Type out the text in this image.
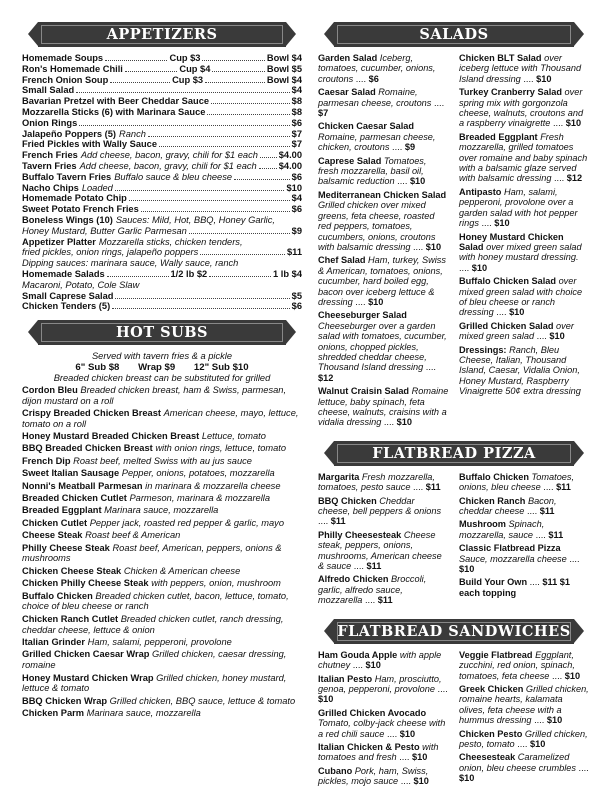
APPETIZERS
Homemade Soups	Cup $3	Bowl $4
Ron's Homemade Chili	Cup $4	Bowl $5
French Onion Soup	Cup $3	Bowl $4
Small Salad	$4
Bavarian Pretzel with Beer Cheddar Sauce	$8
Mozzarella Sticks (6) with Marinara Sauce	$8
Onion Rings	$6
Jalapeño Poppers (5) Ranch	$7
Fried Pickles with Wally Sauce	$7
French Fries Add cheese, bacon, gravy, chili for $1 each $4.00
Tavern Fries Add cheese, bacon, gravy, chili for $1 each $4.00
Buffalo Tavern Fries Buffalo sauce & bleu cheese	$6
Nacho Chips Loaded	$10
Homemade Potato Chip	$4
Sweet Potato French Fries	$6
Boneless Wings (10) Sauces: Mild, Hot, BBQ, Honey Garlic,
Honey Mustard, Butter Garlic Parmesan	$9
Appetizer Platter Mozzarella sticks, chicken tenders,
fried pickles, onion rings, jalapeño poppers	$11
Dipping sauces: marinara sauce, Wally sauce, ranch
Homemade Salads	1/2 lb $2	1 lb $4
Macaroni, Potato, Cole Slaw
Small Caprese Salad	$5
Chicken Tenders (5)	$6
HOT SUBS
Served with tavern fries & a pickle
6" Sub $8 Wrap $9 12" Sub $10
Breaded chicken breast can be substituted for grilled
Cordon Bleu Breaded chicken breast, ham & Swiss, parmesan, dijon mustard on a roll
Crispy Breaded Chicken Breast American cheese, mayo, lettuce, tomato on a roll
Honey Mustard Breaded Chicken Breast Lettuce, tomato
BBQ Breaded Chicken Breast with onion rings, lettuce, tomato
French Dip Roast beef, melted Swiss with au jus sauce
Sweet Italian Sausage Pepper, onions, potatoes, mozzarella
Nonni's Meatball Parmesan in marinara & mozzarella cheese
Breaded Chicken Cutlet Parmeson, marinara & mozzarella
Breaded Eggplant Marinara sauce, mozzarella
Chicken Cutlet Pepper jack, roasted red pepper & garlic, mayo
Cheese Steak Roast beef & American
Philly Cheese Steak Roast beef, American, peppers, onions & mushrooms
Chicken Cheese Steak Chicken & American cheese
Chicken Philly Cheese Steak with peppers, onion, mushroom
Buffalo Chicken Breaded chicken cutlet, bacon, lettuce, tomato, choice of bleu cheese or ranch
Chicken Ranch Cutlet Breaded chicken cutlet, ranch dressing, cheddar cheese, lettuce & onion
Italian Grinder Ham, salami, pepperoni, provolone
Grilled Chicken Caesar Wrap Grilled chicken, caesar dressing, romaine
Honey Mustard Chicken Wrap Grilled chicken, honey mustard, lettuce & tomato
BBQ Chicken Wrap Grilled chicken, BBQ sauce, lettuce & tomato
Chicken Parm Marinara sauce, mozzarella
SALADS
Garden Salad Iceberg, tomatoes, cucumber, onions, croutons .... $6
Caesar Salad Romaine, parmesan cheese, croutons .... $7
Chicken Caesar Salad Romaine, parmesan cheese, chicken, croutons .... $9
Caprese Salad Tomatoes, fresh mozzarella, basil oil, balsamic reduction .... $10
Mediterranean Chicken Salad Grilled chicken over mixed greens, feta cheese, roasted red peppers, tomatoes, cucumbers, onions, croutons with balsamic dressing .... $10
Chef Salad Ham, turkey, Swiss & American, tomatoes, onions, cucumber, hard boiled egg, bacon over iceberg lettuce & dressing .... $10
Cheeseburger Salad Cheeseburger over a garden salad with tomatoes, cucumber, onions, chopped pickles, shredded cheddar cheese, Thousand Island dressing .... $12
Walnut Craisin Salad Romaine lettuce, baby spinach, feta cheese, walnuts, craisins with a vidalia dressing .... $10
Chicken BLT Salad over iceberg lettuce with Thousand Island dressing .... $10
Turkey Cranberry Salad over spring mix with gorgonzola cheese, walnuts, croutons and a raspberry vinaigrette .... $10
Breaded Eggplant Fresh mozzarella, grilled tomatoes over romaine and baby spinach with a balsamic glaze served with balsamic dressing .... $12
Antipasto Ham, salami, pepperoni, provolone over a garden salad with hot pepper rings .... $10
Honey Mustard Chicken Salad over mixed green salad with honey mustard dressing. .... $10
Buffalo Chicken Salad over mixed green salad with choice of bleu cheese or ranch dressing .... $10
Grilled Chicken Salad over mixed green salad .... $10
Dressings: Ranch, Bleu Cheese, Italian, Thousand Island, Caesar, Vidalia Onion, Honey Mustard, Raspberry Vinaigrette 50¢ extra dressing
FLATBREAD PIZZA
Margarita Fresh mozzarella, tomatoes, pesto sauce .... $11
BBQ Chicken Cheddar cheese, bell peppers & onions .... $11
Philly Cheesesteak Cheese steak, peppers, onions, mushrooms, American cheese & sauce .... $11
Alfredo Chicken Broccoli, garlic, alfredo sauce, mozzarella .... $11
Buffalo Chicken Tomatoes, onions, bleu cheese .... $11
Chicken Ranch Bacon, cheddar cheese .... $11
Mushroom Spinach, mozzarella, sauce .... $11
Classic Flatbread Pizza Sauce, mozzarella cheese .... $10
Build Your Own .... $11 $1 each topping
FLATBREAD SANDWICHES
Ham Gouda Apple with apple chutney .... $10
Italian Pesto Ham, prosciutto, genoa, pepperoni, provolone .... $10
Grilled Chicken Avocado Tomato, colby-jack cheese with a red chili sauce .... $10
Italian Chicken & Pesto with tomatoes and fresh .... $10
Cubano Pork, ham, Swiss, pickles, mojo sauce .... $10
Veggie Flatbread Eggplant, zucchini, red onion, spinach, tomatoes, feta cheese .... $10
Greek Chicken Grilled chicken, romaine hearts, kalamata olives, feta cheese with a hummus dressing .... $10
Chicken Pesto Grilled chicken, pesto, tomato .... $10
Cheesesteak Caramelized onion, bleu cheese crumbles .... $10
